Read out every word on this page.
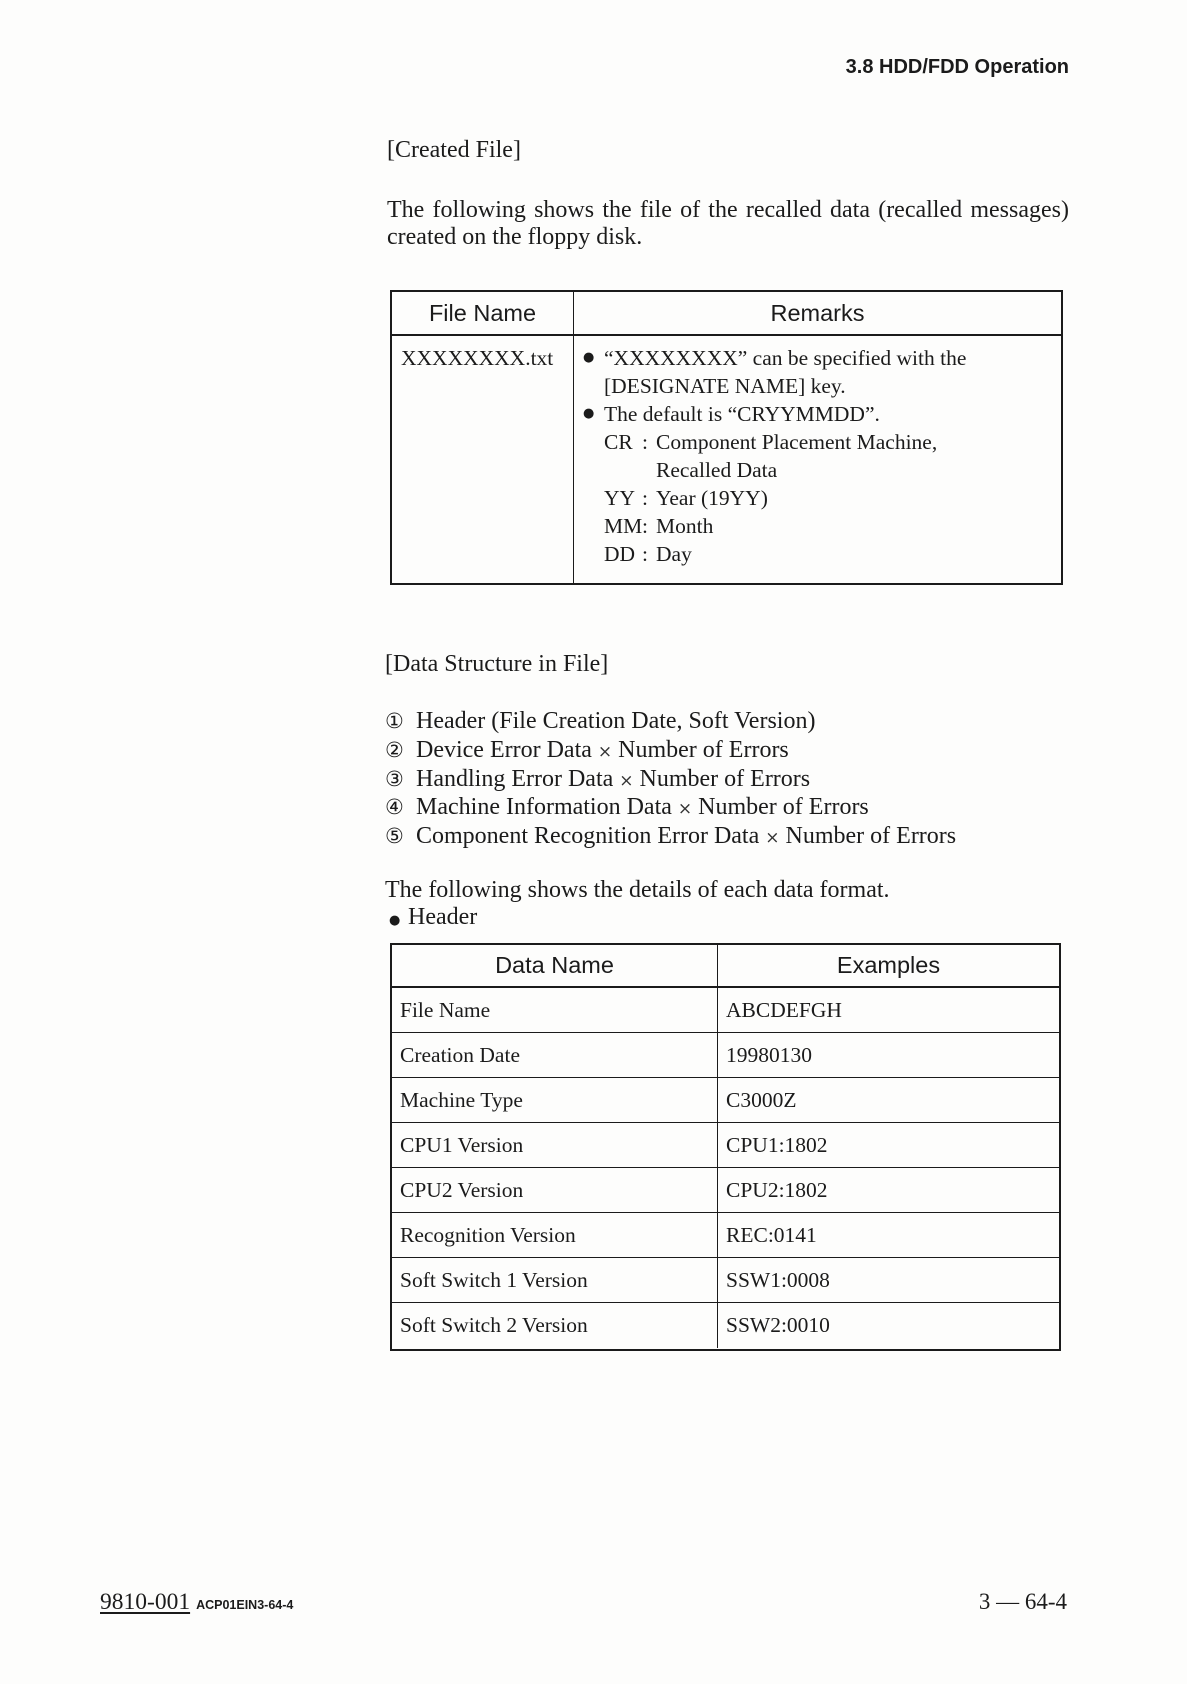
3.8 HDD/FDD Operation
[Created File]
The following shows the file of the recalled data (recalled messages)
created on the floppy disk.
File Name	Remarks
XXXXXXXX.txt	● “XXXXXXXX” can be specified with the
[DESIGNATE NAME] key.
● The default is “CRYYMMDD”.
CR : Component Placement Machine,
Recalled Data
YY : Year (19YY)
MM : Month
DD : Day
[Data Structure in File]
① Header (File Creation Date, Soft Version)
② Device Error Data × Number of Errors
③ Handling Error Data × Number of Errors
④ Machine Information Data × Number of Errors
⑤ Component Recognition Error Data × Number of Errors
The following shows the details of each data format.
● Header
Data Name	Examples
File Name	ABCDEFGH
Creation Date	19980130
Machine Type	C3000Z
CPU1 Version	CPU1:1802
CPU2 Version	CPU2:1802
Recognition Version	REC:0141
Soft Switch 1 Version	SSW1:0008
Soft Switch 2 Version	SSW2:0010
9810-001 ACP01EIN3-64-4	3 — 64-4
